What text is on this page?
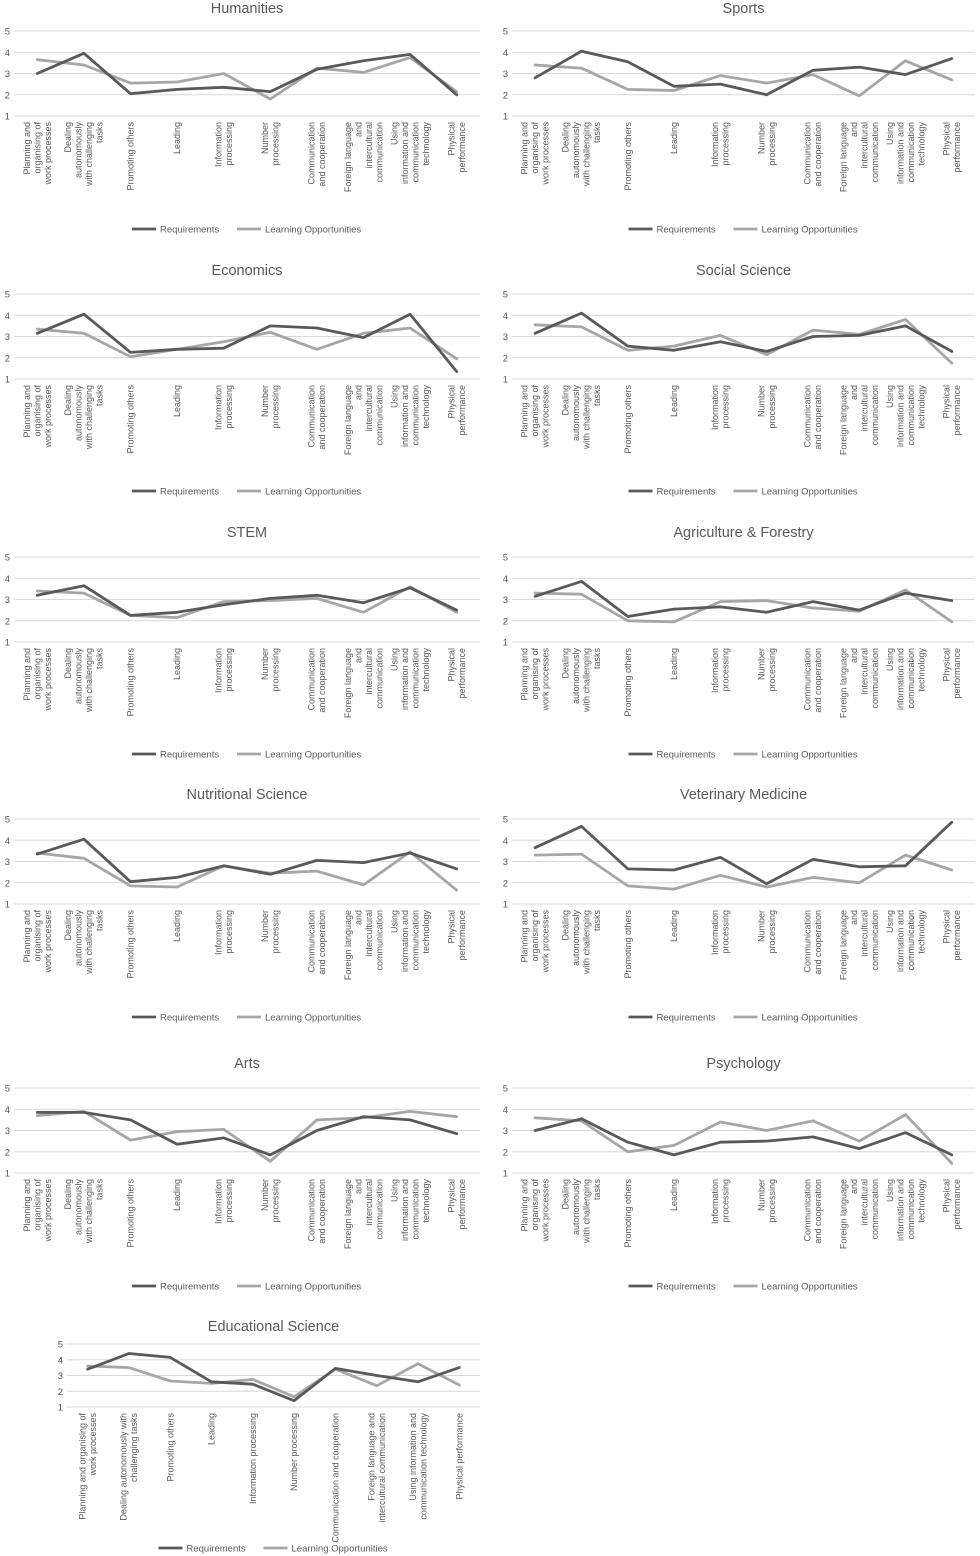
Humanities
1
2
3
4
5
Planning andorganising ofwork processes Dealingautonomouslywith challengingtasks Promoting others	Leading	Informationprocessing	Numberprocessing	Communicationand cooperation Foreign languageandinterculturalcommunication Usinginformation andcommunicationtechnology Physicalperformance
Requirements	Learning Opportunities
Sports
1
2
3
4
5
Planning andorganising ofwork processes Dealingautonomouslywith challengingtasks Promoting others	Leading	Informationprocessing	Numberprocessing	Communicationand cooperation Foreign languageandinterculturalcommunication Usinginformation andcommunicationtechnology Physicalperformance
Requirements	Learning Opportunities
Economics
1
2
3
4
5
Planning andorganising ofwork processes Dealingautonomouslywith challengingtasks Promoting others	Leading	Informationprocessing	Numberprocessing	Communicationand cooperation Foreign languageandinterculturalcommunication Usinginformation andcommunicationtechnology Physicalperformance
Requirements	Learning Opportunities
Social Science
1
2
3
4
5
Planning andorganising ofwork processes Dealingautonomouslywith challengingtasks Promoting others	Leading	Informationprocessing	Numberprocessing	Communicationand cooperation Foreign languageandinterculturalcommunication Usinginformation andcommunicationtechnology Physicalperformance
Requirements	Learning Opportunities
STEM
1
2
3
4
5
Planning andorganising ofwork processes Dealingautonomouslywith challengingtasks Promoting others	Leading	Informationprocessing	Numberprocessing	Communicationand cooperation Foreign languageandinterculturalcommunication Usinginformation andcommunicationtechnology Physicalperformance
Requirements	Learning Opportunities
Agriculture & Forestry
1
2
3
4
5
Planning andorganising ofwork processes Dealingautonomouslywith challengingtasks Promoting others	Leading	Informationprocessing	Numberprocessing	Communicationand cooperation Foreign languageandinterculturalcommunication Usinginformation andcommunicationtechnology Physicalperformance
Requirements	Learning Opportunities
Nutritional Science
1
2
3
4
5
Planning andorganising ofwork processes Dealingautonomouslywith challengingtasks Promoting others	Leading	Informationprocessing	Numberprocessing	Communicationand cooperation Foreign languageandinterculturalcommunication Usinginformation andcommunicationtechnology Physicalperformance
Requirements	Learning Opportunities
Veterinary Medicine
1
2
3
4
5
Planning andorganising ofwork processes Dealingautonomouslywith challengingtasks Promoting others	Leading	Informationprocessing	Numberprocessing	Communicationand cooperation Foreign languageandinterculturalcommunication Usinginformation andcommunicationtechnology Physicalperformance
Requirements	Learning Opportunities
Arts
1
2
3
4
5
Planning andorganising ofwork processes Dealingautonomouslywith challengingtasks Promoting others	Leading	Informationprocessing	Numberprocessing	Communicationand cooperation Foreign languageandinterculturalcommunication Usinginformation andcommunicationtechnology Physicalperformance
Requirements	Learning Opportunities
Psychology
1
2
3
4
5
Planning andorganising ofwork processes Dealingautonomouslywith challengingtasks Promoting others	Leading	Informationprocessing	Numberprocessing	Communicationand cooperation Foreign languageandinterculturalcommunication Usinginformation andcommunicationtechnology Physicalperformance
Requirements	Learning Opportunities
Educational Science
1
2
3
4
5
Planning and organising ofwork processes Dealing autonomously withchallenging tasks	Promoting others	Leading	Information processing	Number processing	Communication and cooperation	Foreign language andintercultural communication Using information andcommunication technology	Physical performance
Requirements	Learning Opportunities
